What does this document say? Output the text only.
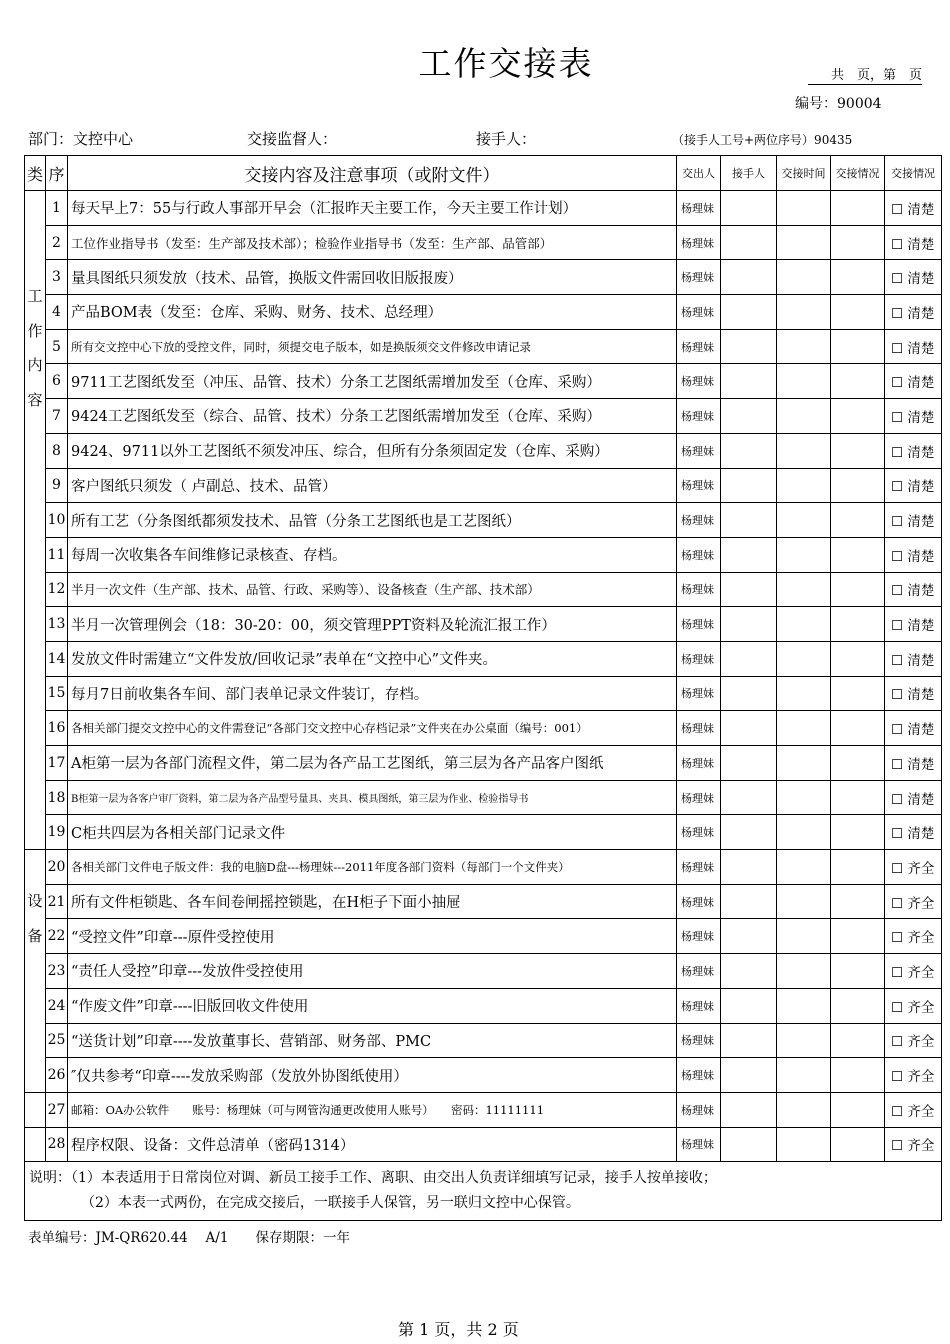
工作交接表	共　页，第　页
编号：90004
部门：文控中心	交接监督人：	接手人：	（接手人工号+两位序号）90435
类	序	交接内容及注意事项（或附文件）	交出人	接手人	交接时间	交接情况	交接情况

工
作
内
容	1	每天早上7：55与行政人事部开早会（汇报昨天主要工作，今天主要工作计划）	杨理妹				☐ 清楚
	2	工位作业指导书（发至：生产部及技术部）；检验作业指导书（发至：生产部、品管部）	杨理妹				☐ 清楚
	3	量具图纸只须发放（技术、品管，换版文件需回收旧版报废）	杨理妹				☐ 清楚
	4	产品BOM表（发至：仓库、采购、财务、技术、总经理）	杨理妹				☐ 清楚
	5	所有交文控中心下放的受控文件，同时，须提交电子版本，如是换版须交文件修改申请记录	杨理妹				☐ 清楚
	6	9711工艺图纸发至（冲压、品管、技术）分条工艺图纸需增加发至（仓库、采购）	杨理妹				☐ 清楚
	7	9424工艺图纸发至（综合、品管、技术）分条工艺图纸需增加发至（仓库、采购）	杨理妹				☐ 清楚
	8	9424、9711以外工艺图纸不须发冲压、综合，但所有分条须固定发（仓库、采购）	杨理妹				☐ 清楚
	9	客户图纸只须发（ 卢副总、技术、品管）	杨理妹				☐ 清楚
	10	所有工艺（分条图纸都须发技术、品管（分条工艺图纸也是工艺图纸）	杨理妹				☐ 清楚
	11	每周一次收集各车间维修记录核查、存档。	杨理妹				☐ 清楚
	12	半月一次文件（生产部、技术、品管、行政、采购等）、设备核查（生产部、技术部）	杨理妹				☐ 清楚
	13	半月一次管理例会（18：30-20：00，须交管理PPT资料及轮流汇报工作）	杨理妹				☐ 清楚
	14	发放文件时需建立“文件发放/回收记录”表单在“文控中心”文件夹。	杨理妹				☐ 清楚
	15	每月7日前收集各车间、部门表单记录文件装订，存档。	杨理妹				☐ 清楚
	16	各相关部门提交文控中心的文件需登记“各部门交文控中心存档记录”文件夹在办公桌面（编号：001）	杨理妹				☐ 清楚
	17	A柜第一层为各部门流程文件，第二层为各产品工艺图纸，第三层为各产品客户图纸	杨理妹				☐ 清楚
	18	B柜第一层为各客户审厂资料，第二层为各产品型号量具、夹具、模具图纸，第三层为作业、检验指导书	杨理妹				☐ 清楚
	19	C柜共四层为各相关部门记录文件	杨理妹				☐ 清楚

设
备	20	各相关部门文件电子版文件：我的电脑D盘---杨理妹---2011年度各部门资料（每部门一个文件夹）	杨理妹				☐ 齐全
	21	所有文件柜锁匙、各车间卷闸摇控锁匙，在H柜子下面小抽屉	杨理妹				☐ 齐全
	22	“受控文件”印章---原件受控使用	杨理妹				☐ 齐全
	23	“责任人受控”印章---发放件受控使用	杨理妹				☐ 齐全
	24	“作废文件”印章----旧版回收文件使用	杨理妹				☐ 齐全
	25	“送货计划”印章----发放董事长、营销部、财务部、PMC	杨理妹				☐ 齐全
	26	″仅共参考“印章----发放采购部（发放外协图纸使用）	杨理妹				☐ 齐全
	27	邮箱：OA办公软件　　账号：杨理妹（可与网管沟通更改使用人账号）　　密码：11111111	杨理妹				☐ 齐全
	28	程序权限、设备：文件总清单（密码1314）	杨理妹				☐ 齐全

说明：（1）本表适用于日常岗位对调、新员工接手工作、离职、由交出人负责详细填写记录，接手人按单接收；
（2）本表一式两份，在完成交接后，一联接手人保管，另一联归文控中心保管。							
表单编号：JM-QR620.44　 A/1　　保存期限：一年
第 1 页，共 2 页
